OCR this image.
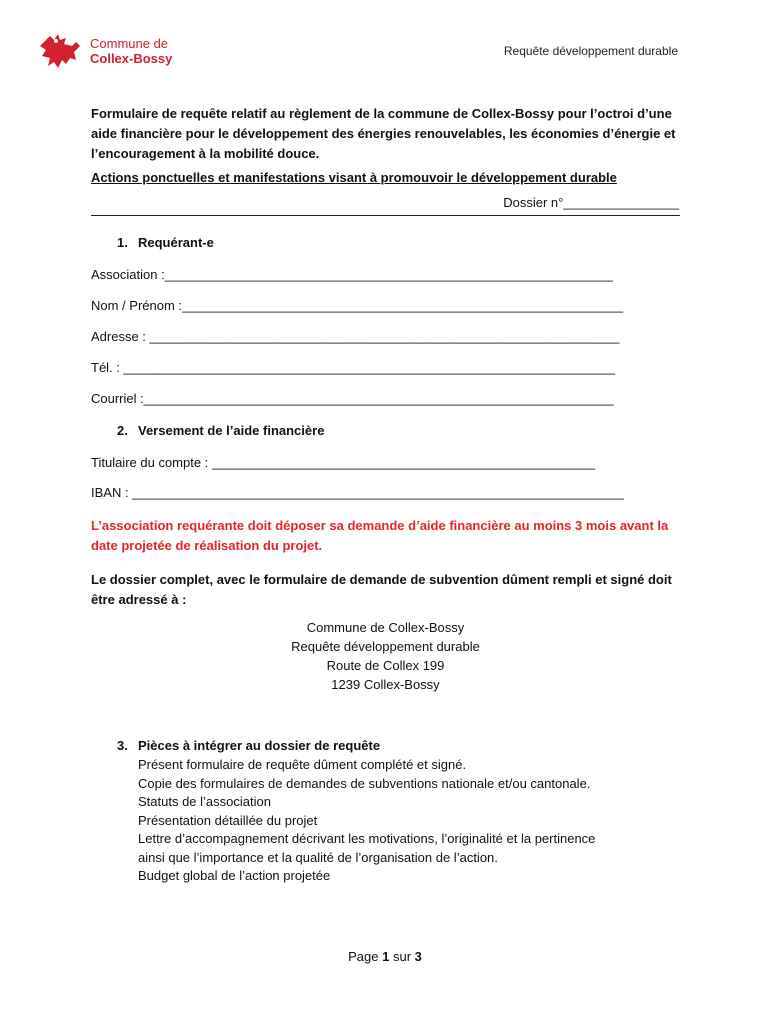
Commune de
Collex-Bossy	Requête développement durable
Formulaire de requête relatif au règlement de la commune de Collex-Bossy pour l’octroi d’une aide financière pour le développement des énergies renouvelables, les économies d’énergie et l’encouragement à la mobilité douce.
Actions ponctuelles et manifestations visant à promouvoir le développement durable
Dossier n°________________
1. Requérant-e
Association :______________________________________________________________
Nom / Prénom :_____________________________________________________________
Adresse : _________________________________________________________________
Tél. : ____________________________________________________________________
Courriel :_________________________________________________________________
2. Versement de l’aide financière
Titulaire du compte : _____________________________________________________
IBAN : ____________________________________________________________________
L’association requérante doit déposer sa demande d’aide financière au moins 3 mois avant la date projetée de réalisation du projet.
Le dossier complet, avec le formulaire de demande de subvention dûment rempli et signé doit être adressé à :
Commune de Collex-Bossy
Requête développement durable
Route de Collex 199
1239 Collex-Bossy
3. Pièces à intégrer au dossier de requête
Présent formulaire de requête dûment complété et signé.
Copie des formulaires de demandes de subventions nationale et/ou cantonale.
Statuts de l’association
Présentation détaillée du projet
Lettre d’accompagnement décrivant les motivations, l’originalité et la pertinence
ainsi que l’importance et la qualité de l’organisation de l’action.
Budget global de l’action projetée
Page 1 sur 3
